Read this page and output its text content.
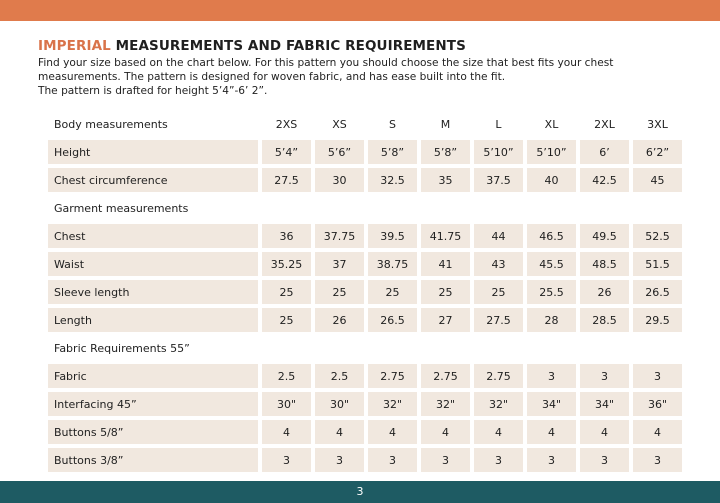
IMPERIAL MEASUREMENTS AND FABRIC REQUIREMENTS
Find your size based on the chart below. For this pattern you should choose the size that best fits your chest
measurements. The pattern is designed for woven fabric, and has ease built into the fit.
The pattern is drafted for height 5’4”-6’ 2”.
Body measurements	2XS	XS	S	M	L	XL	2XL	3XL
Height	5’4”	5’6”	5’8”	5’8”	5’10”	5’10”	6’	6’2”
Chest circumference	27.5	30	32.5	35	37.5	40	42.5	45
Garment measurements								
Chest	36	37.75	39.5	41.75	44	46.5	49.5	52.5
Waist	35.25	37	38.75	41	43	45.5	48.5	51.5
Sleeve length	25	25	25	25	25	25.5	26	26.5
Length	25	26	26.5	27	27.5	28	28.5	29.5
Fabric Requirements 55”								
Fabric	2.5	2.5	2.75	2.75	2.75	3	3	3
Interfacing 45”	30"	30"	32"	32"	32"	34"	34"	36"
Buttons 5/8”	4	4	4	4	4	4	4	4
Buttons 3/8”	3	3	3	3	3	3	3	3
3
